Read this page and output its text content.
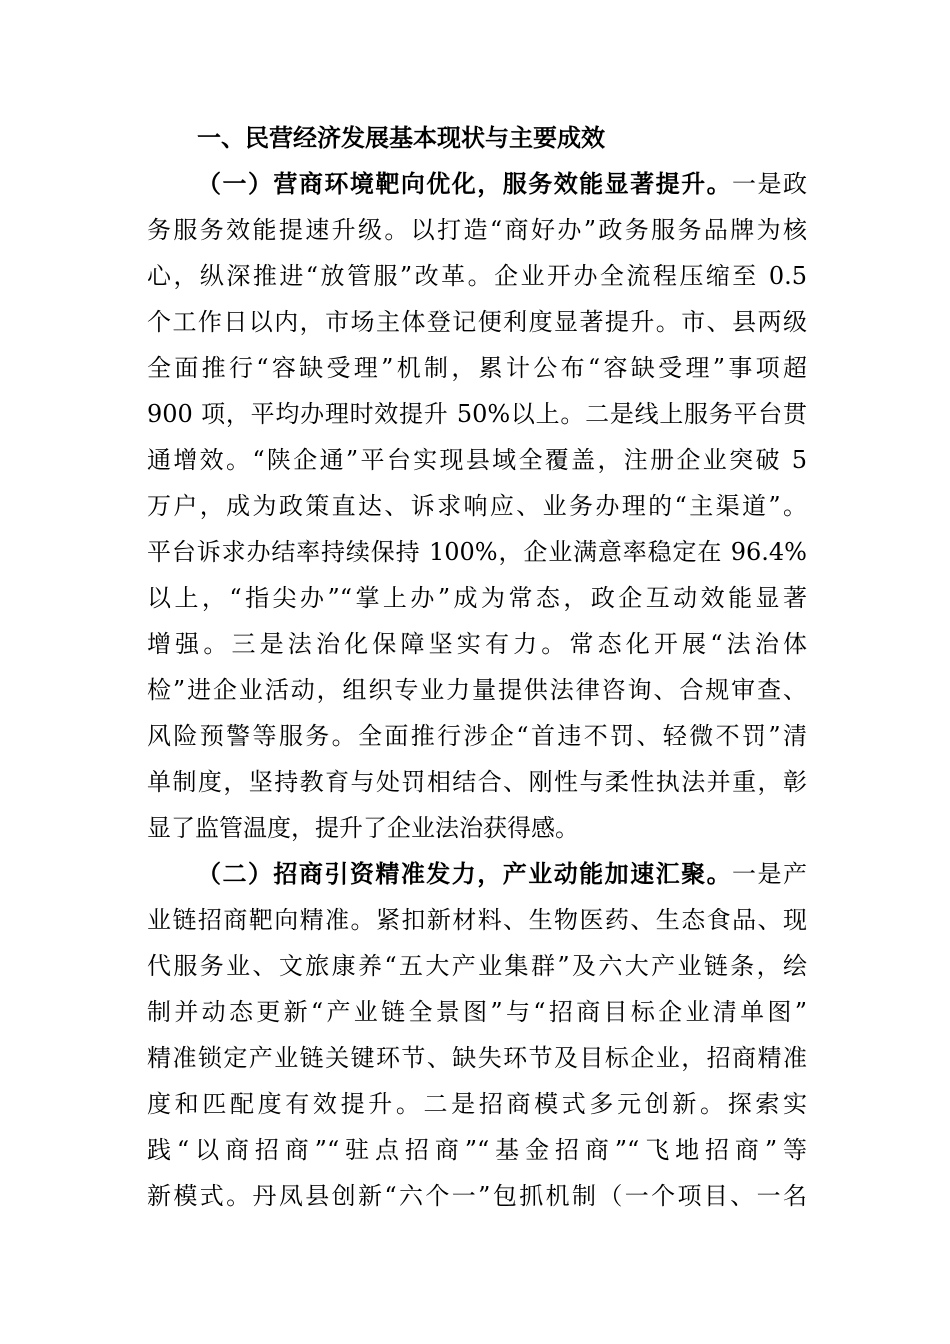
一、民营经济发展基本现状与主要成效
（一）营商环境靶向优化，服务效能显著提升。一是政
务服务效能提速升级。以打造“商好办”政务服务品牌为核
心，纵深推进“放管服”改革。企业开办全流程压缩至 0.5
个工作日以内，市场主体登记便利度显著提升。市、县两级
全面推行“容缺受理”机制，累计公布“容缺受理”事项超
900 项，平均办理时效提升 50%以上。二是线上服务平台贯
通增效。“陕企通”平台实现县域全覆盖，注册企业突破 5
万户，成为政策直达、诉求响应、业务办理的“主渠道”。
平台诉求办结率持续保持 100%，企业满意率稳定在 96.4%
以上，“指尖办”“掌上办”成为常态，政企互动效能显著
增强。三是法治化保障坚实有力。常态化开展“法治体
检”进企业活动，组织专业力量提供法律咨询、合规审查、
风险预警等服务。全面推行涉企“首违不罚、轻微不罚”清
单制度，坚持教育与处罚相结合、刚性与柔性执法并重，彰
显了监管温度，提升了企业法治获得感。
（二）招商引资精准发力，产业动能加速汇聚。一是产
业链招商靶向精准。紧扣新材料、生物医药、生态食品、现
代服务业、文旅康养“五大产业集群”及六大产业链条，绘
制并动态更新“产业链全景图”与“招商目标企业清单图”
精准锁定产业链关键环节、缺失环节及目标企业，招商精准
度和匹配度有效提升。二是招商模式多元创新。探索实
践“以商招商”“驻点招商”“基金招商”“飞地招商”等
新模式。丹凤县创新“六个一”包抓机制（一个项目、一名
